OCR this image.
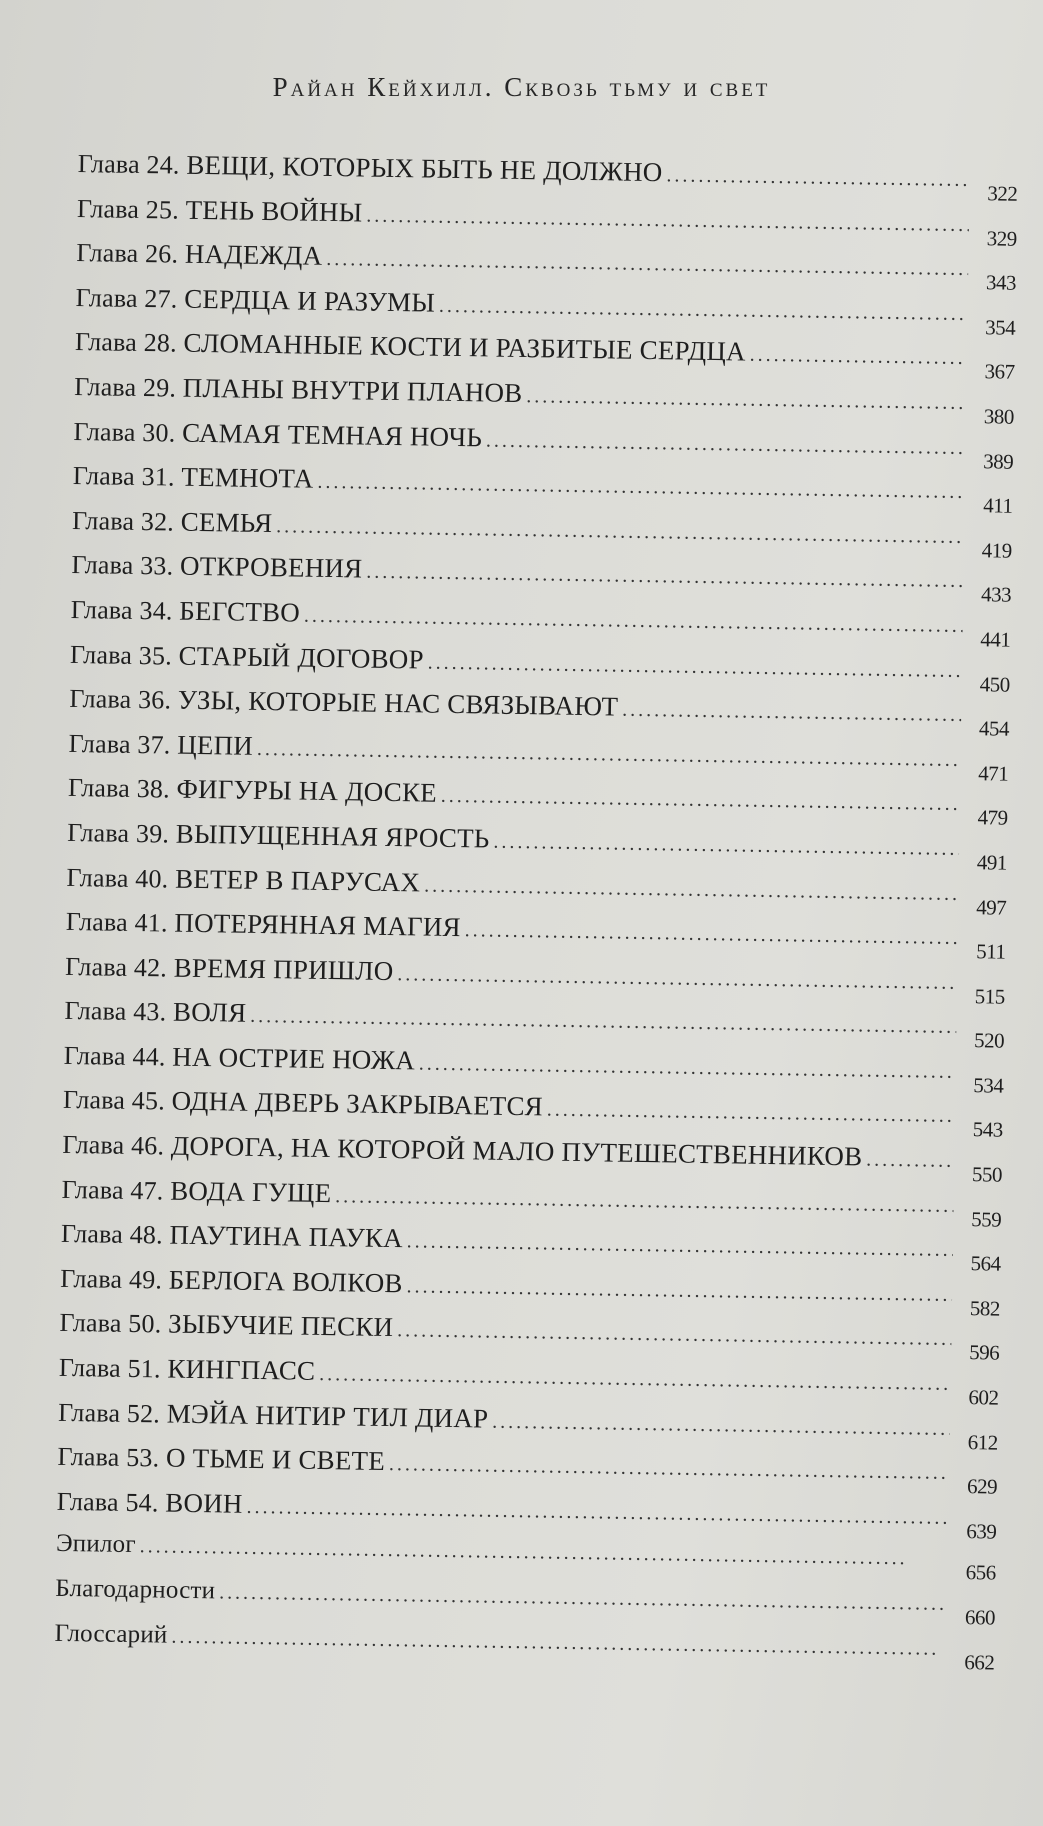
Райан Кейхилл. Сквозь тьму и свет
Глава 24. ВЕЩИ, КОТОРЫХ БЫТЬ НЕ ДОЛЖНО
. . .
322
Глава 25. ТЕНЬ ВОЙНЫ
. . .
329
Глава 26. НАДЕЖДА
. . .
343
Глава 27. СЕРДЦА И РАЗУМЫ
. . .
354
Глава 28. СЛОМАННЫЕ КОСТИ И РАЗБИТЫЕ СЕРДЦА
. . .
367
Глава 29. ПЛАНЫ ВНУТРИ ПЛАНОВ
. . .
380
Глава 30. САМАЯ ТЕМНАЯ НОЧЬ
. . .
389
Глава 31. ТЕМНОТА
. . .
411
Глава 32. СЕМЬЯ
. . .
419
Глава 33. ОТКРОВЕНИЯ
. . .
433
Глава 34. БЕГСТВО
. . .
441
Глава 35. СТАРЫЙ ДОГОВОР
. . .
450
Глава 36. УЗЫ, КОТОРЫЕ НАС СВЯЗЫВАЮТ
. . .
454
Глава 37. ЦЕПИ
. . .
471
Глава 38. ФИГУРЫ НА ДОСКЕ
. . .
479
Глава 39. ВЫПУЩЕННАЯ ЯРОСТЬ
. . .
491
Глава 40. ВЕТЕР В ПАРУСАХ
. . .
497
Глава 41. ПОТЕРЯННАЯ МАГИЯ
. . .
511
Глава 42. ВРЕМЯ ПРИШЛО
. . .
515
Глава 43. ВОЛЯ
. . .
520
Глава 44. НА ОСТРИЕ НОЖА
. . .
534
Глава 45. ОДНА ДВЕРЬ ЗАКРЫВАЕТСЯ
. . .
543
Глава 46. ДОРОГА, НА КОТОРОЙ МАЛО ПУТЕШЕСТВЕННИКОВ
. . .
550
Глава 47. ВОДА ГУЩЕ
. . .
559
Глава 48. ПАУТИНА ПАУКА
. . .
564
Глава 49. БЕРЛОГА ВОЛКОВ
. . .
582
Глава 50. ЗЫБУЧИЕ ПЕСКИ
. . .
596
Глава 51. КИНГПАСС
. . .
602
Глава 52. МЭЙА НИТИР ТИЛ ДИАР
. . .
612
Глава 53. О ТЬМЕ И СВЕТЕ
. . .
629
Глава 54. ВОИН
. . .
639
Эпилог
. . .
656
Благодарности
. . .
660
Глоссарий
. . .
662
